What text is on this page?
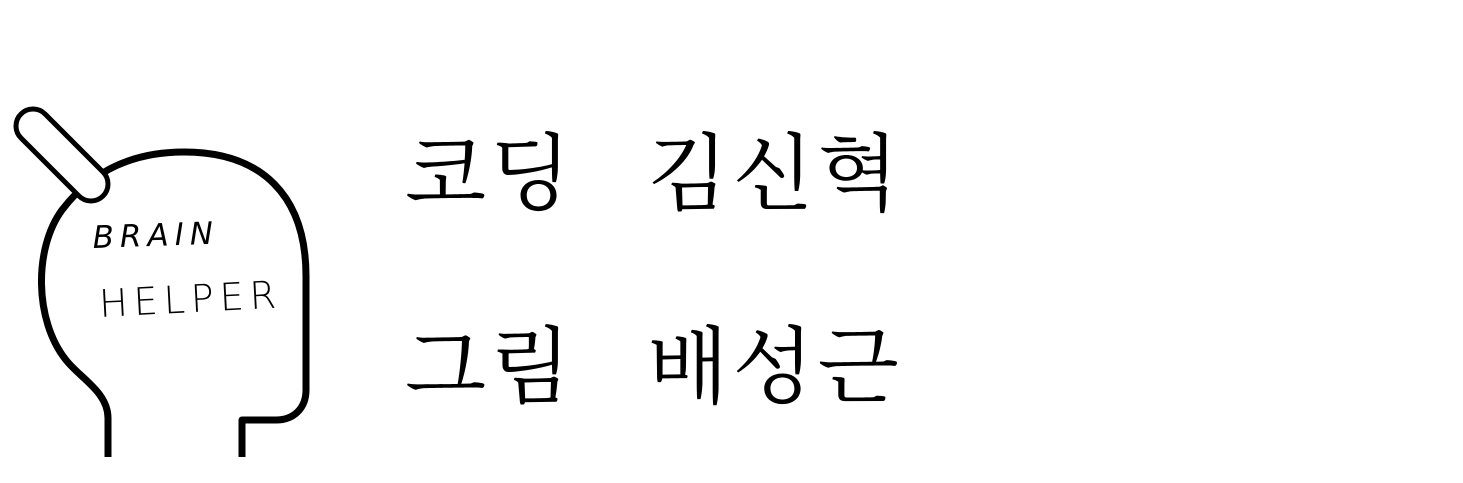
BRAIN
HELPER
코딩 김신혁
그림 배성근
